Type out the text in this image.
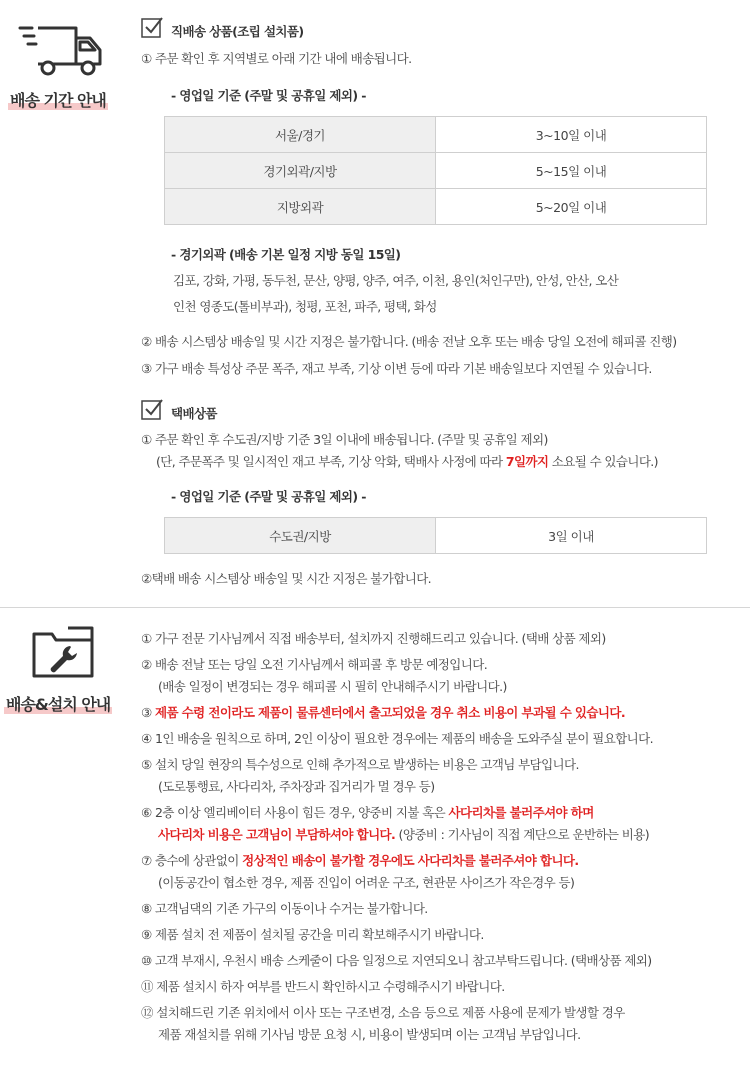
배송 기간 안내
직배송 상품(조립 설치품)
① 주문 확인 후 지역별로 아래 기간 내에 배송됩니다.
- 영업일 기준 (주말 및 공휴일 제외) -
서울/경기	3~10일 이내
경기외곽/지방	5~15일 이내
지방외곽	5~20일 이내
- 경기외곽 (배송 기본 일정 지방 동일 15일)
김포, 강화, 가평, 동두천, 문산, 양평, 양주, 여주, 이천, 용인(처인구만), 안성, 안산, 오산
인천 영종도(톨비부과), 청평, 포천, 파주, 평택, 화성
② 배송 시스템상 배송일 및 시간 지정은 불가합니다. (배송 전날 오후 또는 배송 당일 오전에 해피콜 진행)
③ 가구 배송 특성상 주문 폭주, 재고 부족, 기상 이변 등에 따라 기본 배송일보다 지연될 수 있습니다.
택배상품
① 주문 확인 후 수도권/지방 기준 3일 이내에 배송됩니다. (주말 및 공휴일 제외)
(단, 주문폭주 및 일시적인 재고 부족, 기상 악화, 택배사 사정에 따라 7일까지 소요될 수 있습니다.)
- 영업일 기준 (주말 및 공휴일 제외) -
수도권/지방	3일 이내
②택배 배송 시스템상 배송일 및 시간 지정은 불가합니다.
배송&설치 안내
① 가구 전문 기사님께서 직접 배송부터, 설치까지 진행해드리고 있습니다. (택배 상품 제외)
② 배송 전날 또는 당일 오전 기사님께서 해피콜 후 방문 예정입니다.
(배송 일정이 변경되는 경우 해피콜 시 필히 안내해주시기 바랍니다.)
③ 제품 수령 전이라도 제품이 물류센터에서 출고되었을 경우 취소 비용이 부과될 수 있습니다.
④ 1인 배송을 원칙으로 하며, 2인 이상이 필요한 경우에는 제품의 배송을 도와주실 분이 필요합니다.
⑤ 설치 당일 현장의 특수성으로 인해 추가적으로 발생하는 비용은 고객님 부담입니다.
(도로통행료, 사다리차, 주차장과 집거리가 멀 경우 등)
⑥ 2층 이상 엘리베이터 사용이 힘든 경우, 양중비 지불 혹은 사다리차를 불러주셔야 하며
사다리차 비용은 고객님이 부담하셔야 합니다. (양중비 : 기사님이 직접 계단으로 운반하는 비용)
⑦ 층수에 상관없이 정상적인 배송이 불가할 경우에도 사다리차를 불러주셔야 합니다.
(이동공간이 협소한 경우, 제품 진입이 어려운 구조, 현관문 사이즈가 작은경우 등)
⑧ 고객님댁의 기존 가구의 이동이나 수거는 불가합니다.
⑨ 제품 설치 전 제품이 설치될 공간을 미리 확보해주시기 바랍니다.
⑩ 고객 부재시, 우천시 배송 스케줄이 다음 일정으로 지연되오니 참고부탁드립니다. (택배상품 제외)
⑪ 제품 설치시 하자 여부를 반드시 확인하시고 수령해주시기 바랍니다.
⑫ 설치해드린 기존 위치에서 이사 또는 구조변경, 소음 등으로 제품 사용에 문제가 발생할 경우
제품 재설치를 위해 기사님 방문 요청 시, 비용이 발생되며 이는 고객님 부담입니다.
